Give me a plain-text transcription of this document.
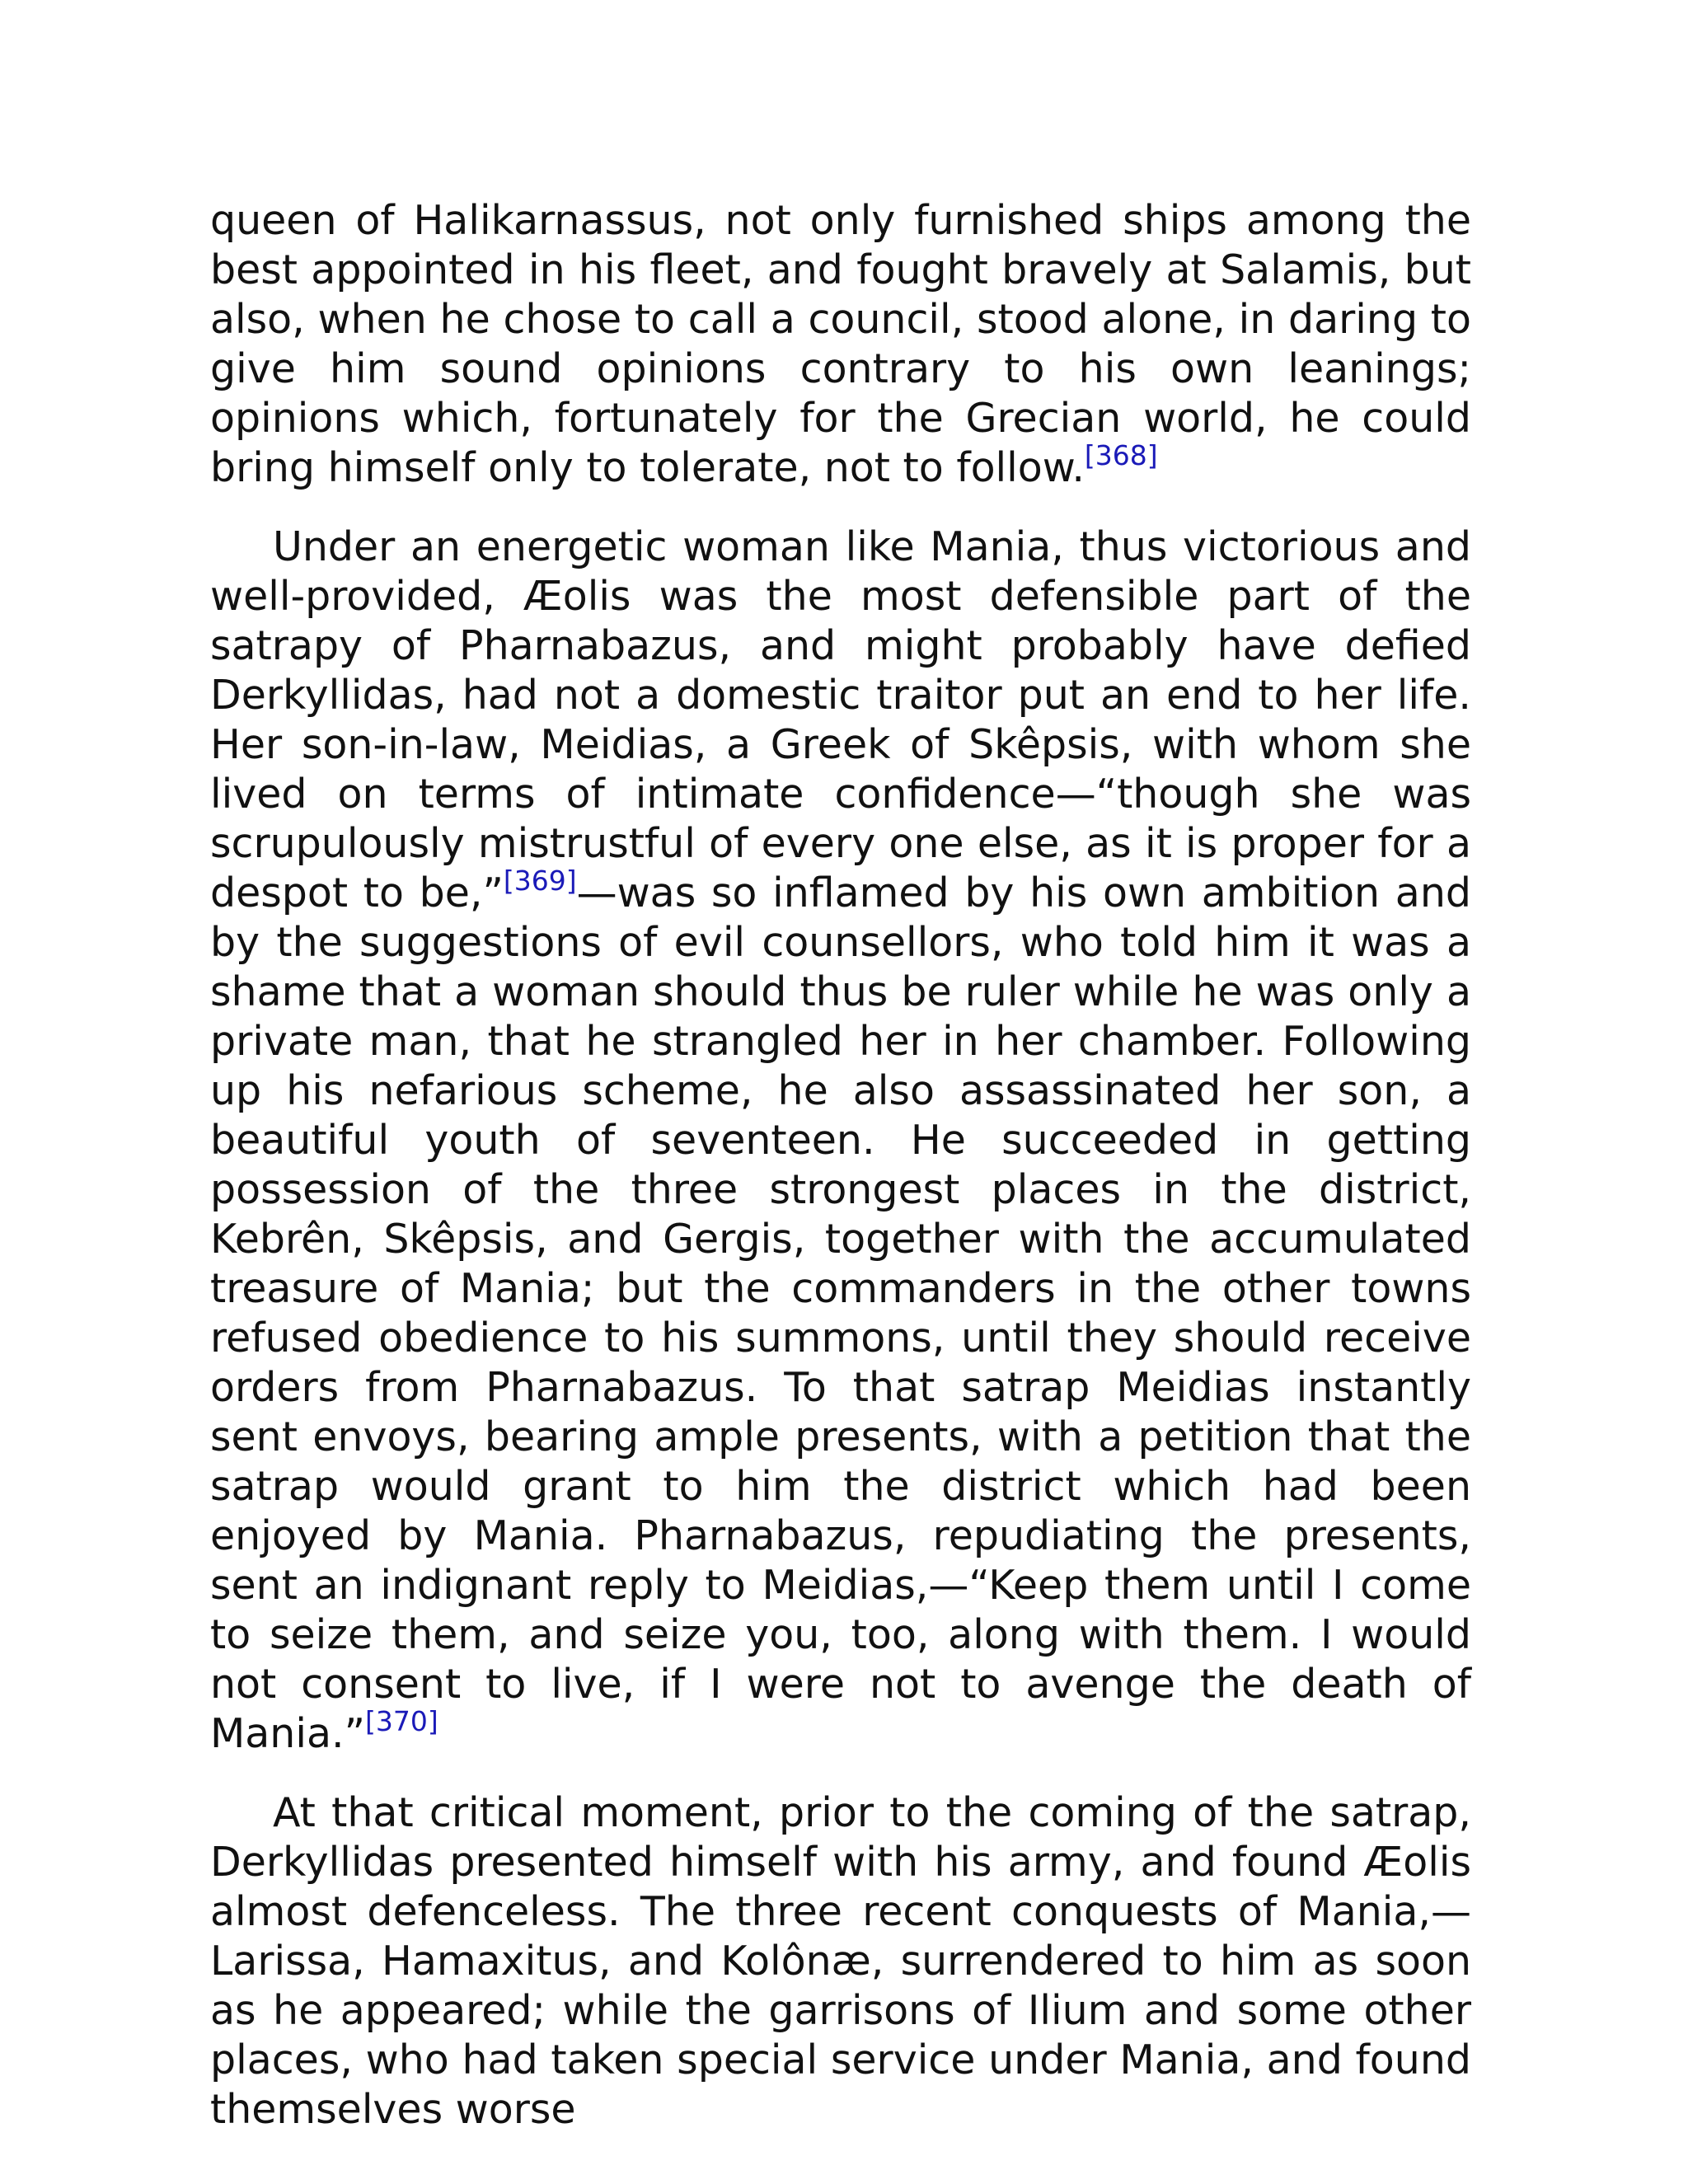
queen of Halikarnassus, not only furnished ships among the best appointed in his fleet, and fought bravely at Salamis, but also, when he chose to call a council, stood alone, in daring to give him sound opinions contrary to his own leanings; opinions which, fortunately for the Grecian world, he could bring himself only to tolerate, not to follow.[368]

Under an energetic woman like Mania, thus victorious and well-provided, Æolis was the most defensible part of the satrapy of Pharnabazus, and might probably have defied Derkyllidas, had not a domestic traitor put an end to her life. Her son-in-law, Meidias, a Greek of Skêpsis, with whom she lived on terms of intimate confidence—“though she was scrupulously mistrustful of every one else, as it is proper for a despot to be,”[369]—was so inflamed by his own ambition and by the suggestions of evil counsellors, who told him it was a shame that a woman should thus be ruler while he was only a private man, that he strangled her in her chamber. Following up his nefarious scheme, he also assassinated her son, a beautiful youth of seventeen. He succeeded in getting possession of the three strongest places in the district, Kebrên, Skêpsis, and Gergis, together with the accumulated treasure of Mania; but the commanders in the other towns refused obedience to his summons, until they should receive orders from Pharnabazus. To that satrap Meidias instantly sent envoys, bearing ample presents, with a petition that the satrap would grant to him the district which had been enjoyed by Mania. Pharnabazus, repudiating the presents, sent an indignant reply to Meidias,—“Keep them until I come to seize them, and seize you, too, along with them. I would not consent to live, if I were not to avenge the death of Mania.”[370]

At that critical moment, prior to the coming of the satrap, Derkyllidas presented himself with his army, and found Æolis almost defenceless. The three recent conquests of Mania,—Larissa, Hamaxitus, and Kolônæ, surrendered to him as soon as he appeared; while the garrisons of Ilium and some other places, who had taken special service under Mania, and found themselves worse
